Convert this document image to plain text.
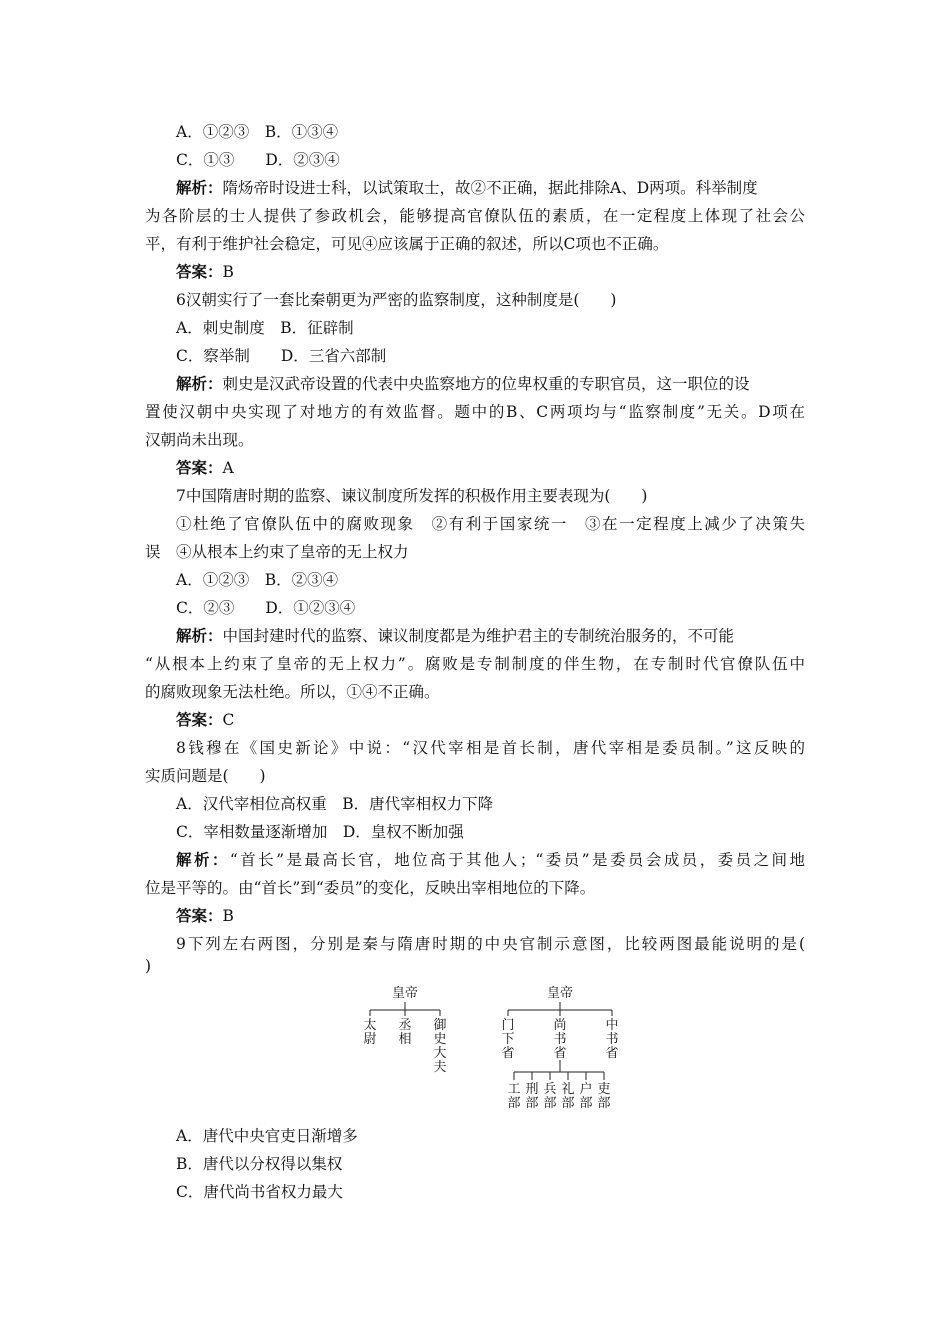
A．①②③　B．①③④
C．①③　　D．②③④
解析：隋炀帝时设进士科，以试策取士，故②不正确，据此排除A、D两项。科举制度
为各阶层的士人提供了参政机会，能够提高官僚队伍的素质，在一定程度上体现了社会公
平，有利于维护社会稳定，可见④应该属于正确的叙述，所以C项也不正确。
答案：B
6汉朝实行了一套比秦朝更为严密的监察制度，这种制度是(　　)
A．刺史制度　B．征辟制
C．察举制　　D．三省六部制
解析：刺史是汉武帝设置的代表中央监察地方的位卑权重的专职官员，这一职位的设
置使汉朝中央实现了对地方的有效监督。题中的B、C两项均与“监察制度”无关。D项在
汉朝尚未出现。
答案：A
7中国隋唐时期的监察、谏议制度所发挥的积极作用主要表现为(　　)
①杜绝了官僚队伍中的腐败现象　②有利于国家统一　③在一定程度上减少了决策失
误　④从根本上约束了皇帝的无上权力
A．①②③　B．②③④
C．②③　　D．①②③④
解析：中国封建时代的监察、谏议制度都是为维护君主的专制统治服务的，不可能
“从根本上约束了皇帝的无上权力”。腐败是专制制度的伴生物，在专制时代官僚队伍中
的腐败现象无法杜绝。所以，①④不正确。
答案：C
8钱穆在《国史新论》中说：“汉代宰相是首长制，唐代宰相是委员制。”这反映的
实质问题是(　　)
A．汉代宰相位高权重　B．唐代宰相权力下降
C．宰相数量逐渐增加　D．皇权不断加强
解析：“首长”是最高长官，地位高于其他人；“委员”是委员会成员，委员之间地
位是平等的。由“首长”到“委员”的变化，反映出宰相地位的下降。
答案：B
9下列左右两图，分别是秦与隋唐时期的中央官制示意图，比较两图最能说明的是(
)
皇帝
太
尉
丞
相
御
史
大
夫
皇帝
门
下
省
尚
书
省
中
书
省
工
部
刑
部
兵
部
礼
部
户
部
吏
部
A．唐代中央官吏日渐增多
B．唐代以分权得以集权
C．唐代尚书省权力最大
